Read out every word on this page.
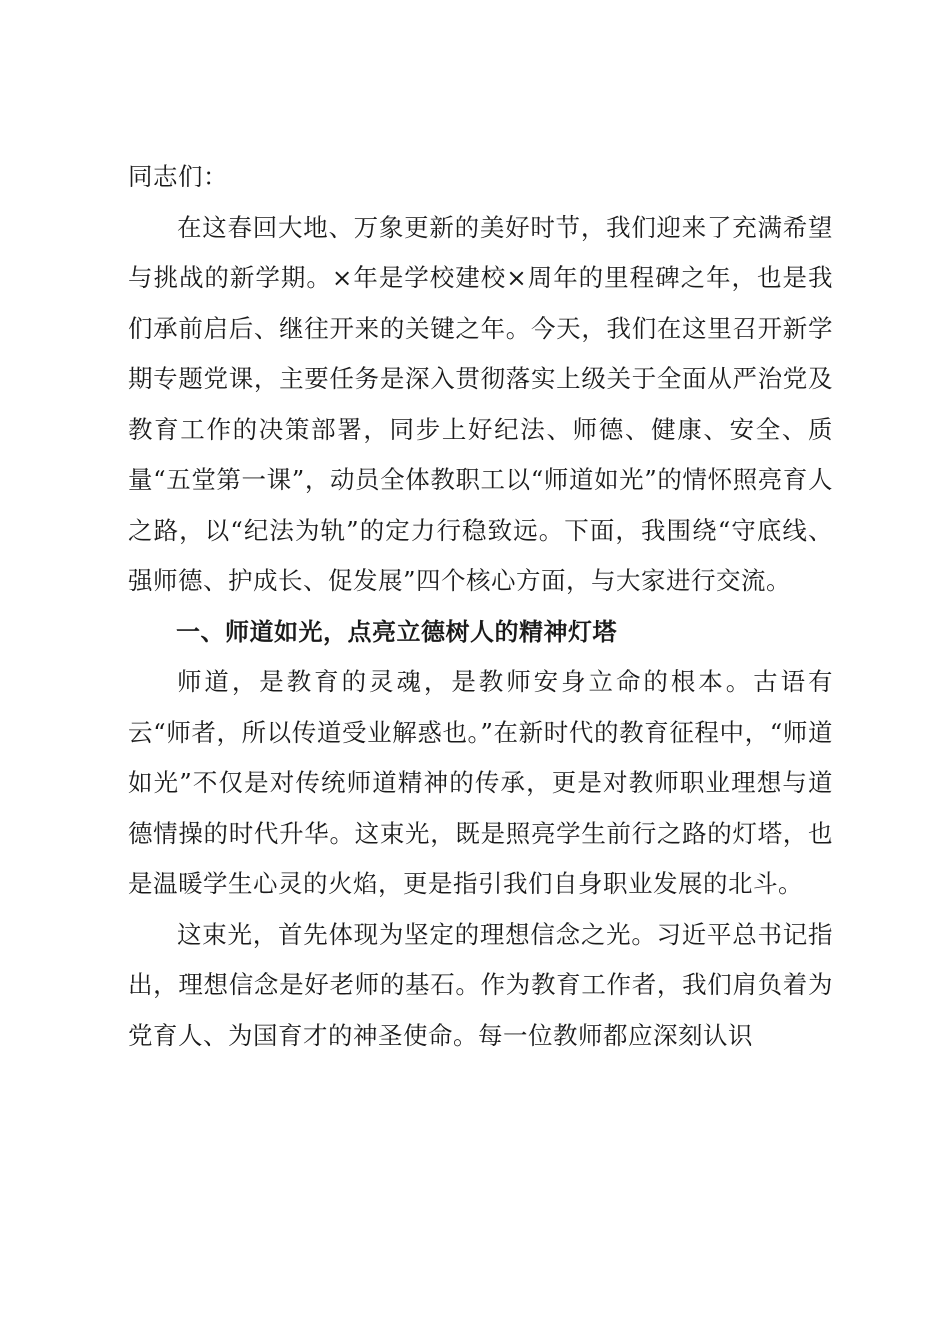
同志们：

在这春回大地、万象更新的美好时节，我们迎来了充满希望与挑战的新学期。×年是学校建校×周年的里程碑之年，也是我们承前启后、继往开来的关键之年。今天，我们在这里召开新学期专题党课，主要任务是深入贯彻落实上级关于全面从严治党及教育工作的决策部署，同步上好纪法、师德、健康、安全、质量“五堂第一课”，动员全体教职工以“师道如光”的情怀照亮育人之路，以“纪法为轨”的定力行稳致远。下面，我围绕“守底线、强师德、护成长、促发展”四个核心方面，与大家进行交流。

一、师道如光，点亮立德树人的精神灯塔

师道，是教育的灵魂，是教师安身立命的根本。古语有云“师者，所以传道受业解惑也。”在新时代的教育征程中，“师道如光”不仅是对传统师道精神的传承，更是对教师职业理想与道德情操的时代升华。这束光，既是照亮学生前行之路的灯塔，也是温暖学生心灵的火焰，更是指引我们自身职业发展的北斗。

这束光，首先体现为坚定的理想信念之光。习近平总书记指出，理想信念是好老师的基石。作为教育工作者，我们肩负着为党育人、为国育才的神圣使命。每一位教师都应深刻认识
